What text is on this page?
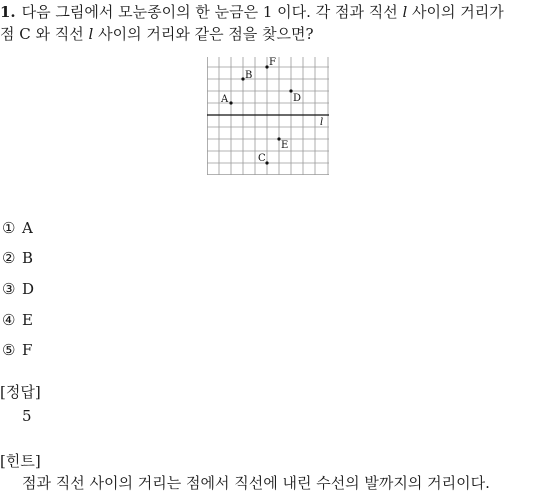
1. 다음 그림에서 모눈종이의 한 눈금은 1 이다. 각 점과 직선 l 사이의 거리가
점 C 와 직선 l 사이의 거리와 같은 점을 찾으면?
l
A
B
C
D
E
F
① A
② B
③ D
④ E
⑤ F
[정답]
5
[힌트]
점과 직선 사이의 거리는 점에서 직선에 내린 수선의 발까지의 거리이다.
